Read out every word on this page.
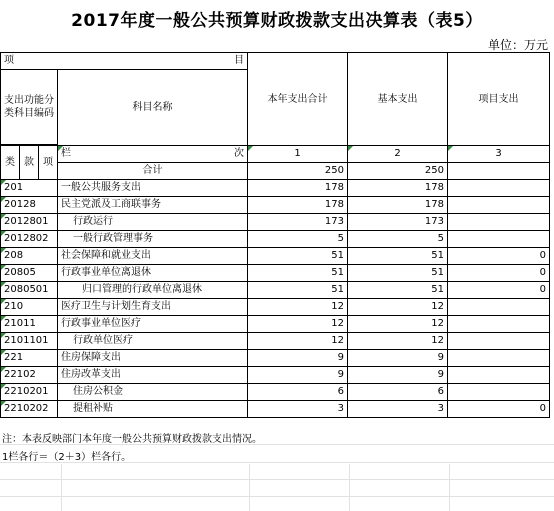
2017年度一般公共预算财政拨款支出决算表（表5）
单位：万元
项 目				本年支出合计	基本支出	项目支出
支出功能分类科目编码			科目名称			

类	款	项	栏 次	1	2	3
			合计	250	250	
201			一般公共服务支出	178	178	
20128			民主党派及工商联事务	178	178	
2012801			行政运行	173	173	
2012802			一般行政管理事务	5	5	
208			社会保障和就业支出	51	51	0
20805			行政事业单位离退休	51	51	0
2080501			归口管理的行政单位离退休	51	51	0
210			医疗卫生与计划生育支出	12	12	
21011			行政事业单位医疗	12	12	
2101101			行政单位医疗	12	12	
221			住房保障支出	9	9	
22102			住房改革支出	9	9	
2210201			住房公积金	6	6	
2210202			提租补贴	3	3	0
注：本表反映部门本年度一般公共预算财政拨款支出情况。
1栏各行＝（2＋3）栏各行。
